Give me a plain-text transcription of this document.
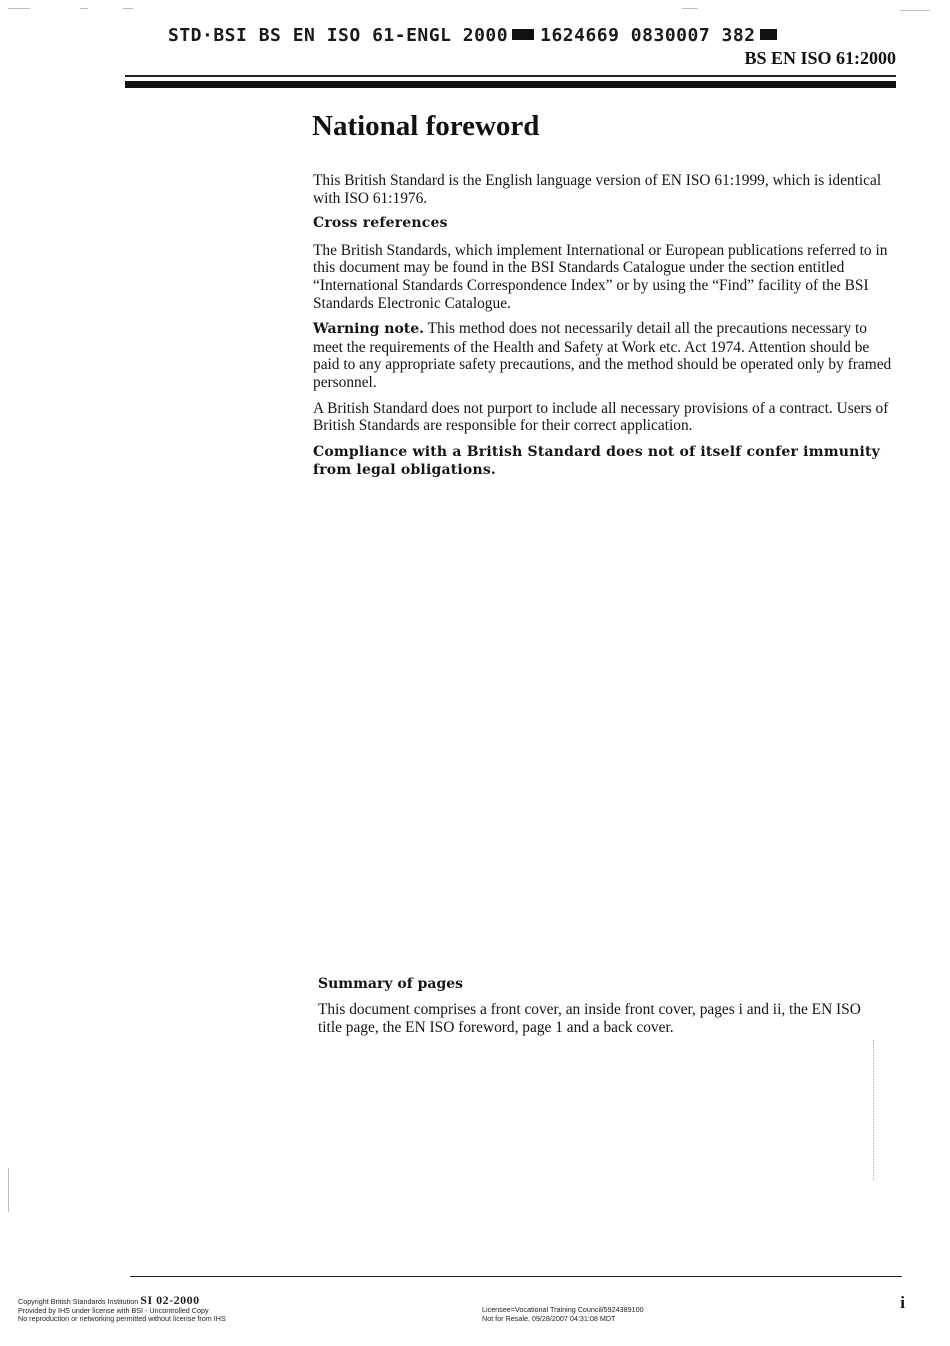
STD·BSI BS EN ISO 61-ENGL 2000 1624669 0830007 382
BS EN ISO 61:2000
National foreword

This British Standard is the English language version of EN ISO 61:1999, which is identical with ISO 61:1976.

Cross references

The British Standards, which implement International or European publications referred to in this document may be found in the BSI Standards Catalogue under the section entitled “International Standards Correspondence Index” or by using the “Find” facility of the BSI Standards Electronic Catalogue.

Warning note. This method does not necessarily detail all the precautions necessary to meet the requirements of the Health and Safety at Work etc. Act 1974. Attention should be paid to any appropriate safety precautions, and the method should be operated only by framed personnel.

A British Standard does not purport to include all necessary provisions of a contract. Users of British Standards are responsible for their correct application.

Compliance with a British Standard does not of itself confer immunity from legal obligations.

Summary of pages

This document comprises a front cover, an inside front cover, pages i and ii, the EN ISO title page, the EN ISO foreword, page 1 and a back cover.

i
Copyright British Standards Institution SI 02-2000
Provided by IHS under license with BSI - Uncontrolled Copy
No reproduction or networking permitted without license from IHS
Licensee=Vocational Training Council/5924389100
Not for Resale, 09/28/2007 04:31:08 MDT
